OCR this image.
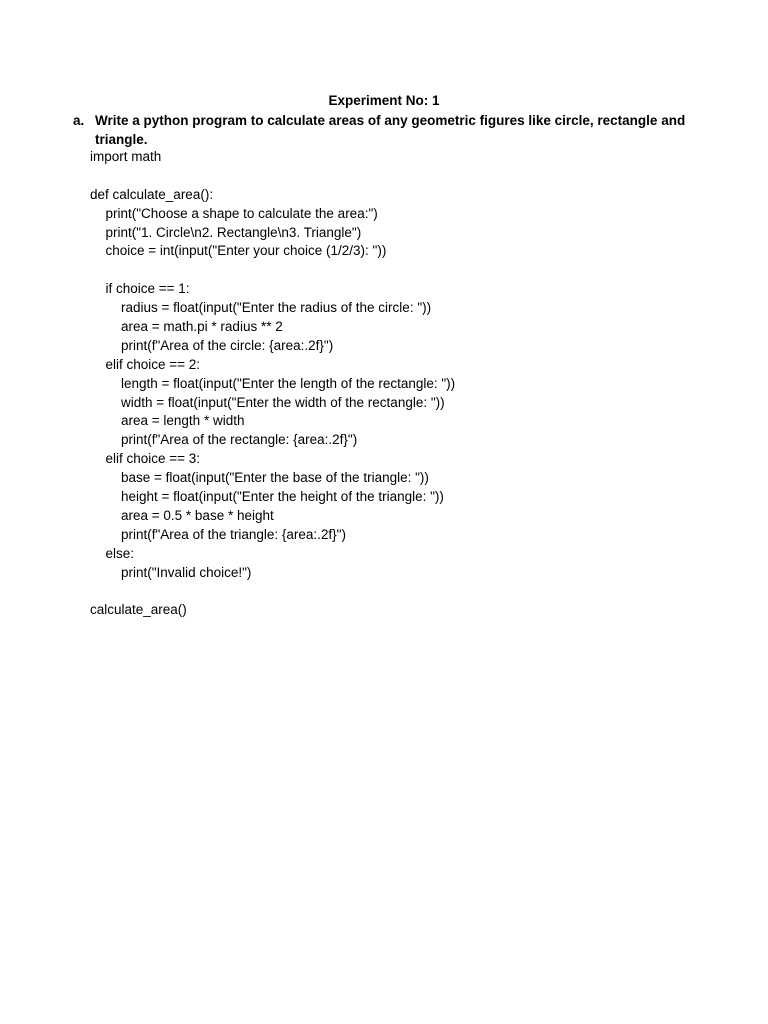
Experiment No: 1
a. Write a python program to calculate areas of any geometric figures like circle, rectangle and triangle.
import math
def calculate_area():
print("Choose a shape to calculate the area:")
print("1. Circle\n2. Rectangle\n3. Triangle")
choice = int(input("Enter your choice (1/2/3): "))
if choice == 1:
radius = float(input("Enter the radius of the circle: "))
area = math.pi * radius ** 2
print(f"Area of the circle: {area:.2f}")
elif choice == 2:
length = float(input("Enter the length of the rectangle: "))
width = float(input("Enter the width of the rectangle: "))
area = length * width
print(f"Area of the rectangle: {area:.2f}")
elif choice == 3:
base = float(input("Enter the base of the triangle: "))
height = float(input("Enter the height of the triangle: "))
area = 0.5 * base * height
print(f"Area of the triangle: {area:.2f}")
else:
print("Invalid choice!")
calculate_area()
